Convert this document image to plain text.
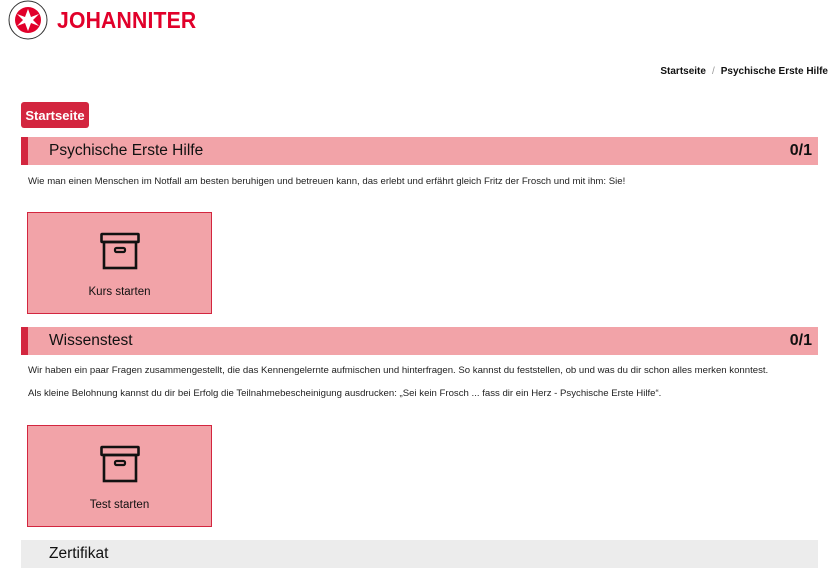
JOHANNITER
Startseite / Psychische Erste Hilfe
Startseite
Psychische Erste Hilfe	0/1
Wie man einen Menschen im Notfall am besten beruhigen und betreuen kann, das erlebt und erfährt gleich Fritz der Frosch und mit ihm: Sie!
Kurs starten
Wissenstest	0/1
Wir haben ein paar Fragen zusammengestellt, die das Kennengelernte aufmischen und hinterfragen. So kannst du feststellen, ob und was du dir schon alles merken konntest.
Als kleine Belohnung kannst du dir bei Erfolg die Teilnahmebescheinigung ausdrucken: „Sei kein Frosch ... fass dir ein Herz - Psychische Erste Hilfe“.
Test starten
Zertifikat
